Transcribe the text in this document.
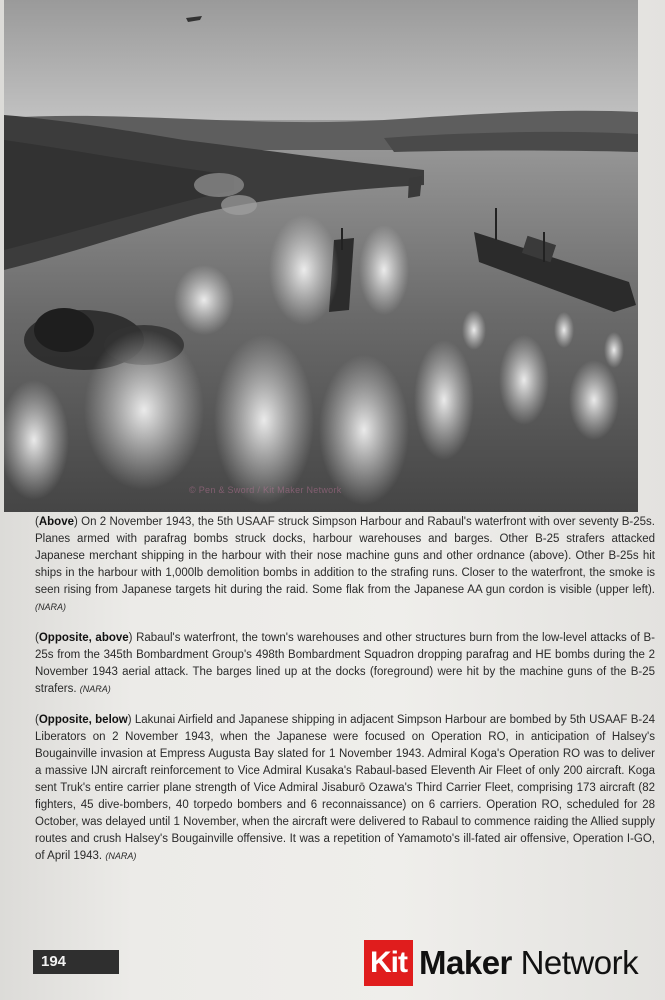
© Pen & Sword / Kit Maker Network

(Above) On 2 November 1943, the 5th USAAF struck Simpson Harbour and Rabaul's waterfront with over seventy B-25s. Planes armed with parafrag bombs struck docks, harbour warehouses and barges. Other B-25 strafers attacked Japanese merchant shipping in the harbour with their nose machine guns and other ordnance (above). Other B-25s hit ships in the harbour with 1,000lb demolition bombs in addition to the strafing runs. Closer to the waterfront, the smoke is seen rising from Japanese targets hit during the raid. Some flak from the Japanese AA gun cordon is visible (upper left). (NARA)

(Opposite, above) Rabaul's waterfront, the town's warehouses and other structures burn from the low-level attacks of B-25s from the 345th Bombardment Group's 498th Bombardment Squadron dropping parafrag and HE bombs during the 2 November 1943 aerial attack. The barges lined up at the docks (foreground) were hit by the machine guns of the B-25 strafers. (NARA)

(Opposite, below) Lakunai Airfield and Japanese shipping in adjacent Simpson Harbour are bombed by 5th USAAF B-24 Liberators on 2 November 1943, when the Japanese were focused on Operation RO, in anticipation of Halsey's Bougainville invasion at Empress Augusta Bay slated for 1 November 1943. Admiral Koga's Operation RO was to deliver a massive IJN aircraft reinforcement to Vice Admiral Kusaka's Rabaul-based Eleventh Air Fleet of only 200 aircraft. Koga sent Truk's entire carrier plane strength of Vice Admiral Jisaburō Ozawa's Third Carrier Fleet, comprising 173 aircraft (82 fighters, 45 dive-bombers, 40 torpedo bombers and 6 reconnaissance) on 6 carriers. Operation RO, scheduled for 28 October, was delayed until 1 November, when the aircraft were delivered to Rabaul to commence raiding the Allied supply routes and crush Halsey's Bougainville offensive. It was a repetition of Yamamoto's ill-fated air offensive, Operation I-GO, of April 1943. (NARA)

194	Kit Maker Network
